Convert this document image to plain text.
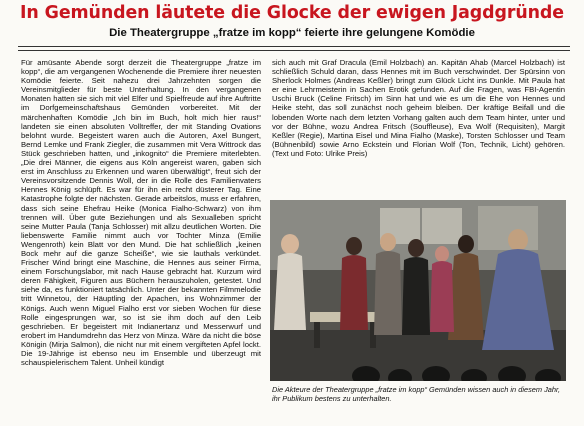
In Gemünden läutete die Glocke der ewigen Jagdgründe
Die Theatergruppe „fratze im kopp“ feierte ihre gelungene Komödie

Für amüsante Abende sorgt derzeit die Theatergruppe „fratze im kopp“, die am vergangenen Wochenende die Premiere ihrer neuesten Komödie feierte. Seit nahezu drei Jahrzehnten sorgen die Vereinsmitglieder für beste Unterhaltung. In den vergangenen Monaten hatten sie sich mit viel Elfer und Spielfreude auf ihre Auftritte im Dorfgemeinschaftshaus Gemünden vorbereitet. Mit der märchenhaften Komödie „Ich bin im Buch, holt mich hier raus!“ landeten sie einen absoluten Volltreffer, der mit Standing Ovations belohnt wurde. Begeistert waren auch die Autoren, Axel Bungert, Bernd Lemke und Frank Ziegler, die zusammen mit Vera Wittrock das Stück geschrieben hatten, und „inkognito“ die Premiere miterlebten. „Die drei Männer, die eigens aus Köln angereist waren, gaben sich erst im Anschluss zu Erkennen und waren überwältigt“, freut sich der Vereinsvorsitzende Dennis Woll, der in die Rolle des Familienvaters Hennes König schlüpft. Es war für ihn ein recht düsterer Tag. Eine Katastrophe folgte der nächsten. Gerade arbeitslos, muss er erfahren, dass sich seine Ehefrau Heike (Monica Fialho-Schwarz) von ihm trennen will. Über gute Beziehungen und als Sexualleben spricht seine Mutter Paula (Tanja Schlosser) mit allzu deutlichen Worten. Die liebenswerte Familie nimmt auch vor Tochter Minza (Emilie Wengenroth) kein Blatt vor den Mund. Die hat schließlich „keinen Bock mehr auf die ganze Scheiße“, wie sie lauthals verkündet. Frischer Wind bringt eine Maschine, die Hennes aus seiner Firma, einem Forschungslabor, mit nach Hause gebracht hat. Kurzum wird deren Fähigkeit, Figuren aus Büchern herauszuholen, getestet. Und siehe da, es funktioniert tatsächlich. Unter der bekannten Filmmelodie tritt Winnetou, der Häuptling der Apachen, ins Wohnzimmer der Königs. Auch wenn Miguel Fialho erst vor sieben Wochen für diese Rolle eingesprungen war, so ist sie ihm doch auf den Leib geschrieben. Er begeistert mit Indianertanz und Messerwurf und erobert im Handumdrehn das Herz von Minza. Wäre da nicht die böse Königin (Mirja Salmon), die nicht nur mit einem vergifteten Apfel lockt. Die 19-Jährige ist ebenso neu im Ensemble und überzeugt mit schauspielerischem Talent. Unheil kündigt

sich auch mit Graf Dracula (Emil Holzbach) an. Kapitän Ahab (Marcel Holzbach) ist schließlich Schuld daran, dass Hennes mit im Buch verschwindet. Der Spürsinn von Sherlock Holmes (Andreas Keßler) bringt zum Glück Licht ins Dunkle. Mit Paula hat er eine Lehrmeisterin in Sachen Erotik gefunden. Auf die Fragen, was FBI-Agentin Uschi Bruck (Celine Fritsch) im Sinn hat und wie es um die Ehe von Hennes und Heike steht, das soll zunächst noch geheim bleiben. Der kräftige Beifall und die lobenden Worte nach dem letzten Vorhang galten auch dem Team hinter, unter und vor der Bühne, wozu Andrea Fritsch (Souffleuse), Eva Wolf (Requisiten), Margit Keßler (Regie), Martina Eisel und Mina Fialho (Maske), Torsten Schlosser und Team (Bühnenbild) sowie Arno Eckstein und Florian Wolf (Ton, Technik, Licht) gehören. (Text und Foto: Ulrike Preis)

Die Akteure der Theatergruppe „fratze im kopp“ Gemünden wissen auch in diesem Jahr, ihr Publikum bestens zu unterhalten.
